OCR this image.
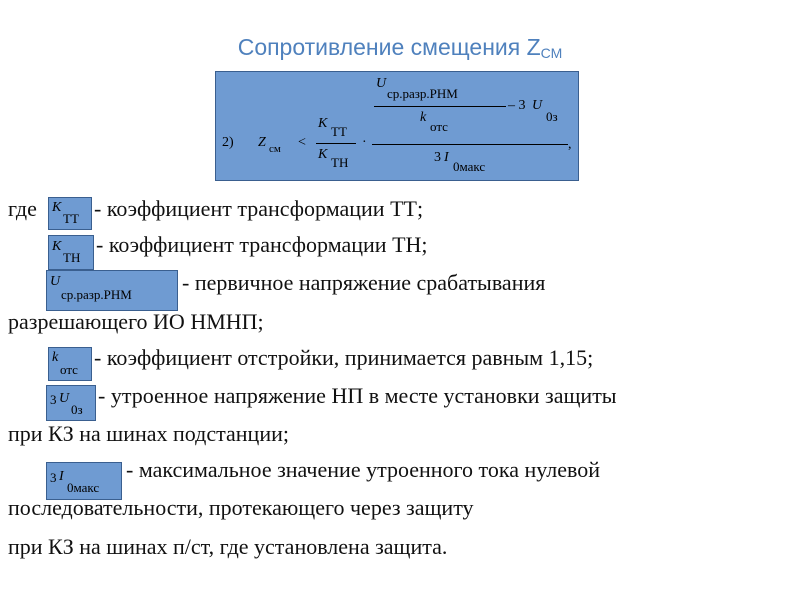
Сопротивление смещения $Z_{СМ}$
2) Z см <
K
ТТ
K
ТН
·
U
ср.разр.РНМ
k
отс
– 3 U
0з
3 I
0макс
,
где K
ТТ - коэффициент трансформации ТТ;
K
ТН
- коэффициент трансформации ТН;
U
ср.разр.РНМ - первичное напряжение срабатывания
разрешающего ИО НМНП;
k
отс - коэффициент отстройки, принимается равным 1,15;
3 U
0з
- утроенное напряжение НП в месте установки защиты
при КЗ на шинах подстанции;
3 I
0макс
- максимальное значение утроенного тока нулевой
последовательности, протекающего через защиту
при КЗ на шинах п/ст, где установлена защита.
